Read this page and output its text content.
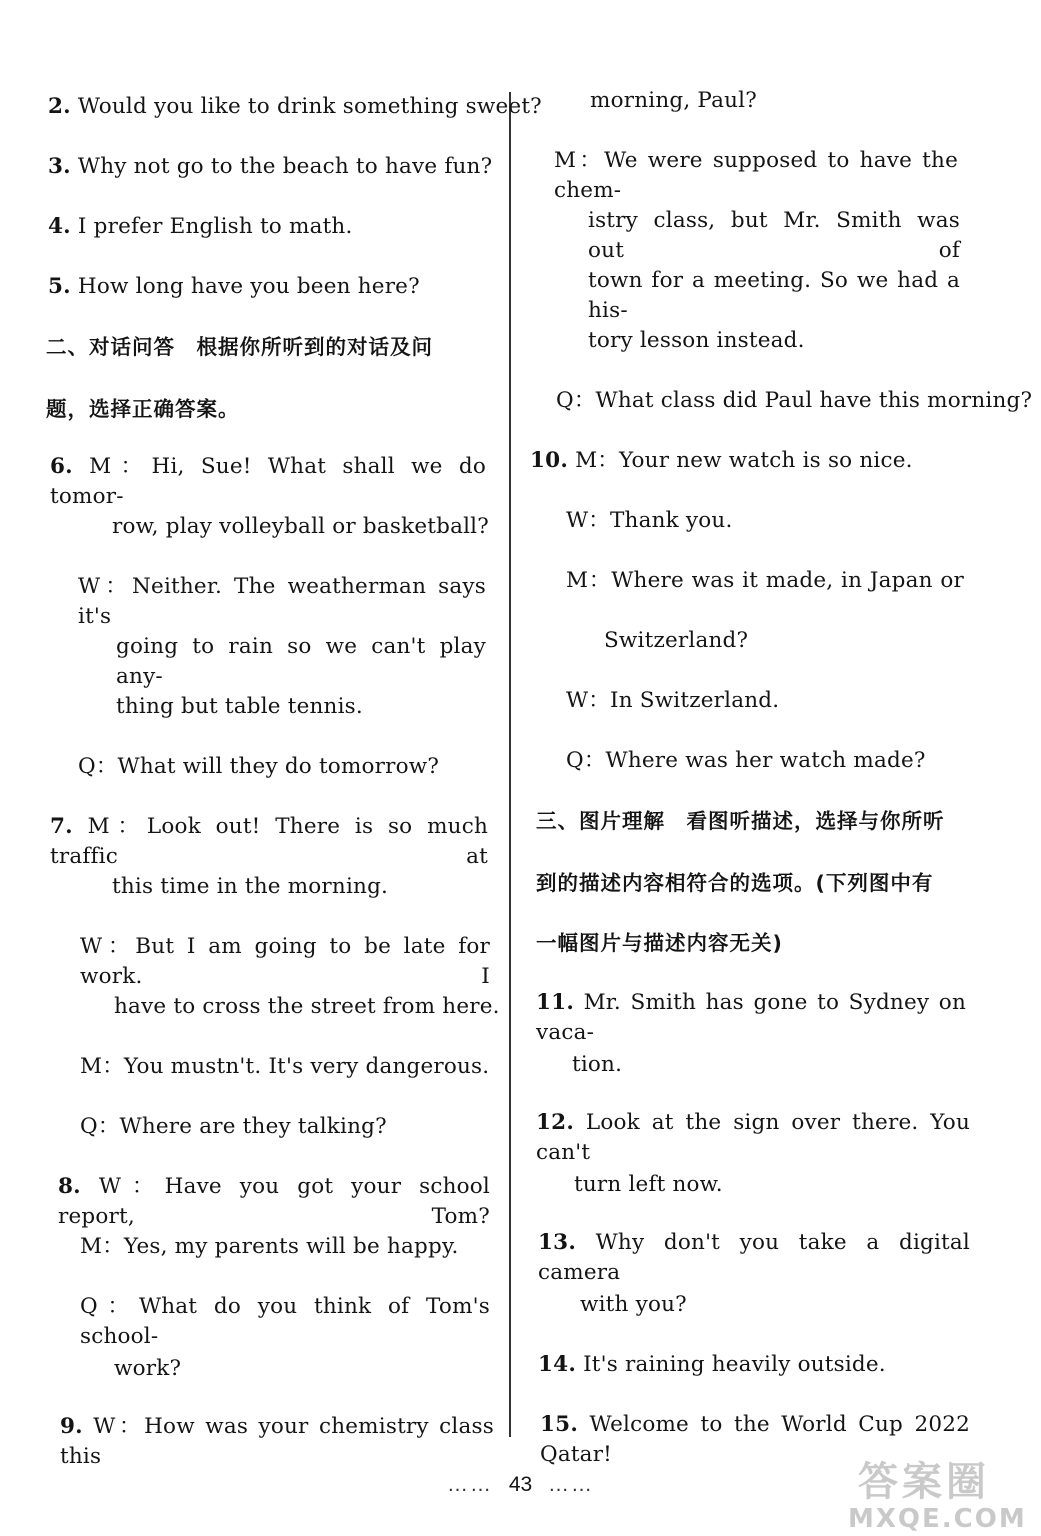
2. Would you like to drink something sweet?
3. Why not go to the beach to have fun?
4. I prefer English to math.
5. How long have you been here?
二、对话问答　根据你所听到的对话及问
题，选择正确答案。
6. M：Hi, Sue! What shall we do tomor-
row, play volleyball or basketball?
W：Neither. The weatherman says it's
going to rain so we can't play any-
thing but table tennis.
Q：What will they do tomorrow?
7. M：Look out! There is so much traffic at
this time in the morning.
W：But I am going to be late for work. I
have to cross the street from here.
M：You mustn't. It's very dangerous.
Q：Where are they talking?
8. W：Have you got your school report, Tom?
M：Yes, my parents will be happy.
Q：What do you think of Tom's school-
work?
9. W：How was your chemistry class this
morning, Paul?
M：We were supposed to have the chem-
istry class, but Mr. Smith was out of
town for a meeting. So we had a his-
tory lesson instead.
Q：What class did Paul have this morning?
10. M：Your new watch is so nice.
W：Thank you.
M：Where was it made, in Japan or
Switzerland?
W：In Switzerland.
Q：Where was her watch made?
三、图片理解　看图听描述，选择与你所听
到的描述内容相符合的选项。(下列图中有
一幅图片与描述内容无关)
11. Mr. Smith has gone to Sydney on vaca-
tion.
12. Look at the sign over there. You can't
turn left now.
13. Why don't you take a digital camera
with you?
14. It's raining heavily outside.
15. Welcome to the World Cup 2022 Qatar!
…… 43 ……	答案圈
MXQE.COM
